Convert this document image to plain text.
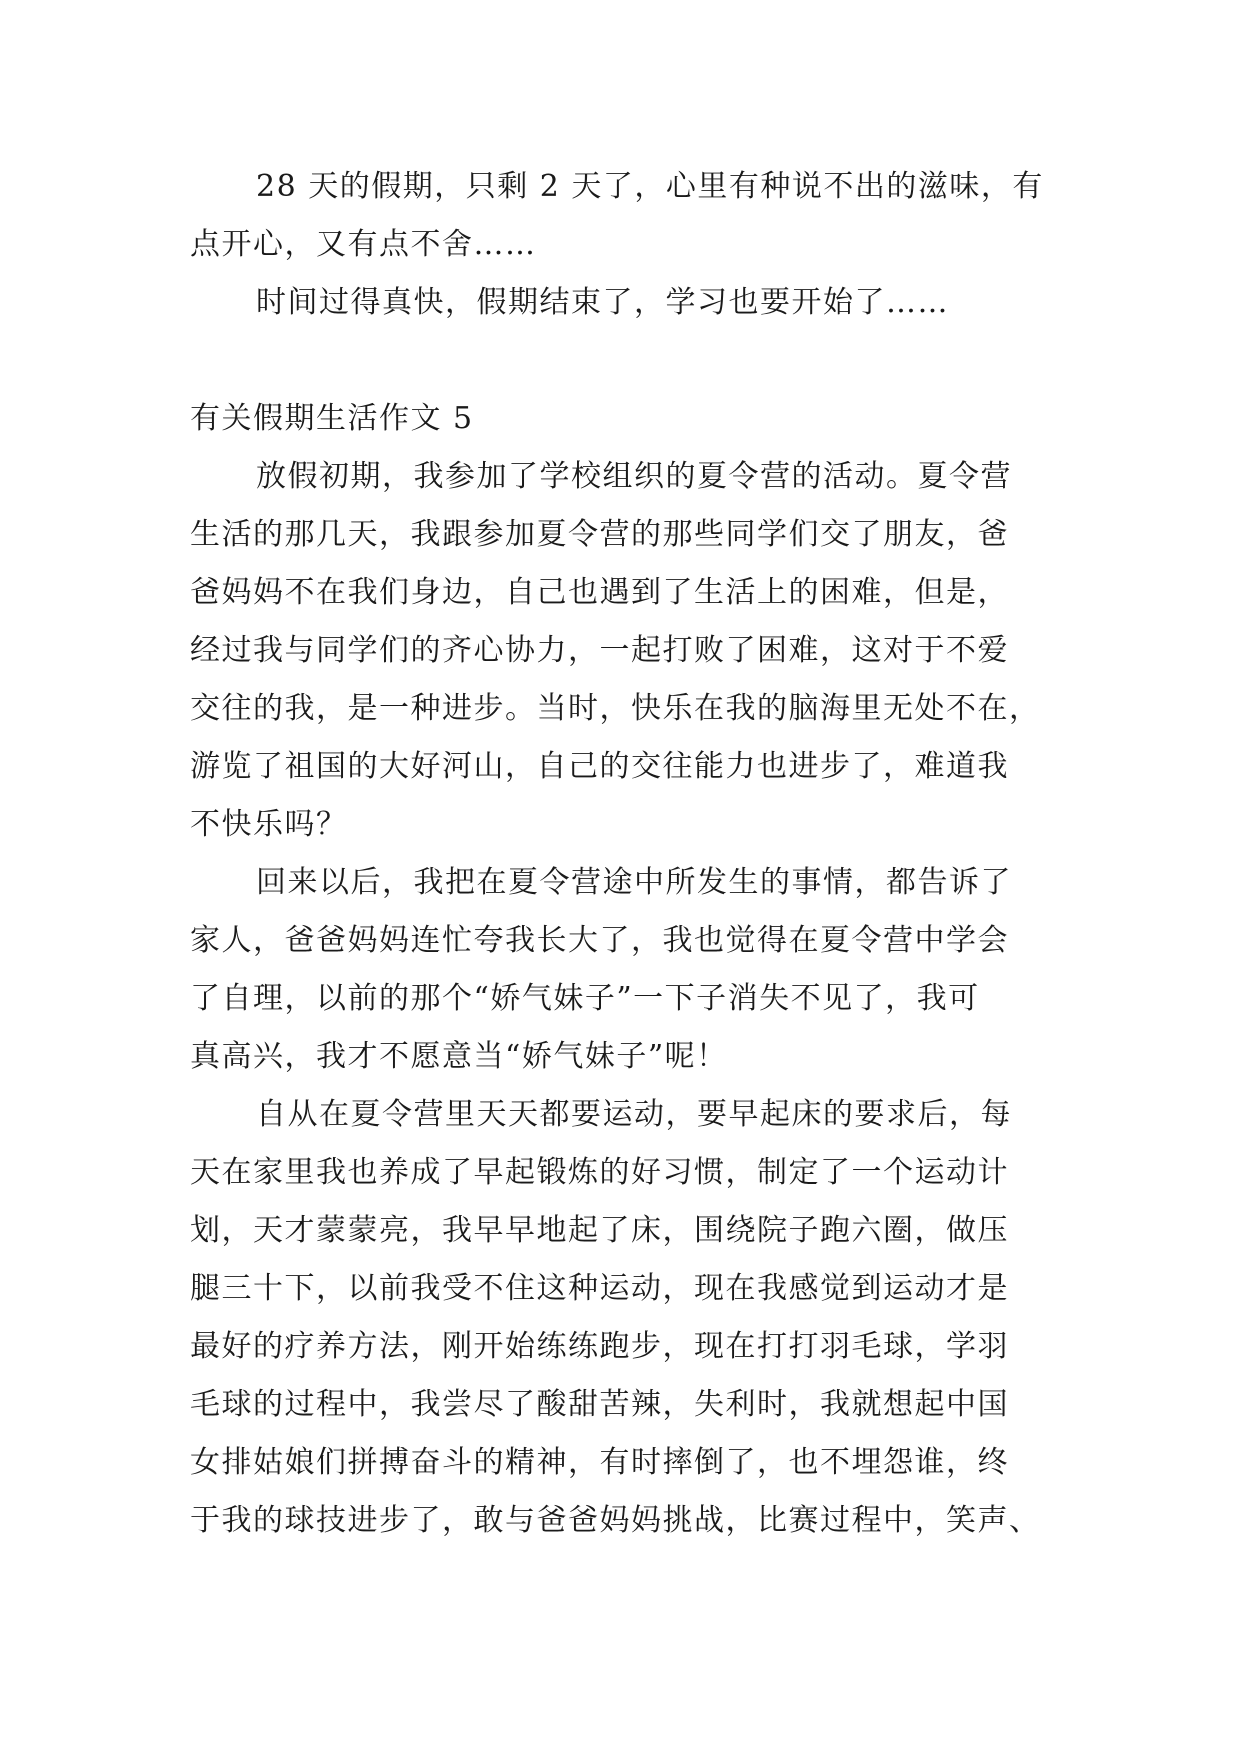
28 天的假期，只剩 2 天了，心里有种说不出的滋味，有
点开心，又有点不舍……
时间过得真快，假期结束了，学习也要开始了……
有关假期生活作文 5
放假初期，我参加了学校组织的夏令营的活动。夏令营
生活的那几天，我跟参加夏令营的那些同学们交了朋友，爸
爸妈妈不在我们身边，自己也遇到了生活上的困难，但是，
经过我与同学们的齐心协力，一起打败了困难，这对于不爱
交往的我，是一种进步。当时，快乐在我的脑海里无处不在，
游览了祖国的大好河山，自己的交往能力也进步了，难道我
不快乐吗？
回来以后，我把在夏令营途中所发生的事情，都告诉了
家人，爸爸妈妈连忙夸我长大了，我也觉得在夏令营中学会
了自理，以前的那个“娇气妹子”一下子消失不见了，我可
真高兴，我才不愿意当“娇气妹子”呢！
自从在夏令营里天天都要运动，要早起床的要求后，每
天在家里我也养成了早起锻炼的好习惯，制定了一个运动计
划，天才蒙蒙亮，我早早地起了床，围绕院子跑六圈，做压
腿三十下，以前我受不住这种运动，现在我感觉到运动才是
最好的疗养方法，刚开始练练跑步，现在打打羽毛球，学羽
毛球的过程中，我尝尽了酸甜苦辣，失利时，我就想起中国
女排姑娘们拼搏奋斗的精神，有时摔倒了，也不埋怨谁，终
于我的球技进步了，敢与爸爸妈妈挑战，比赛过程中，笑声、
